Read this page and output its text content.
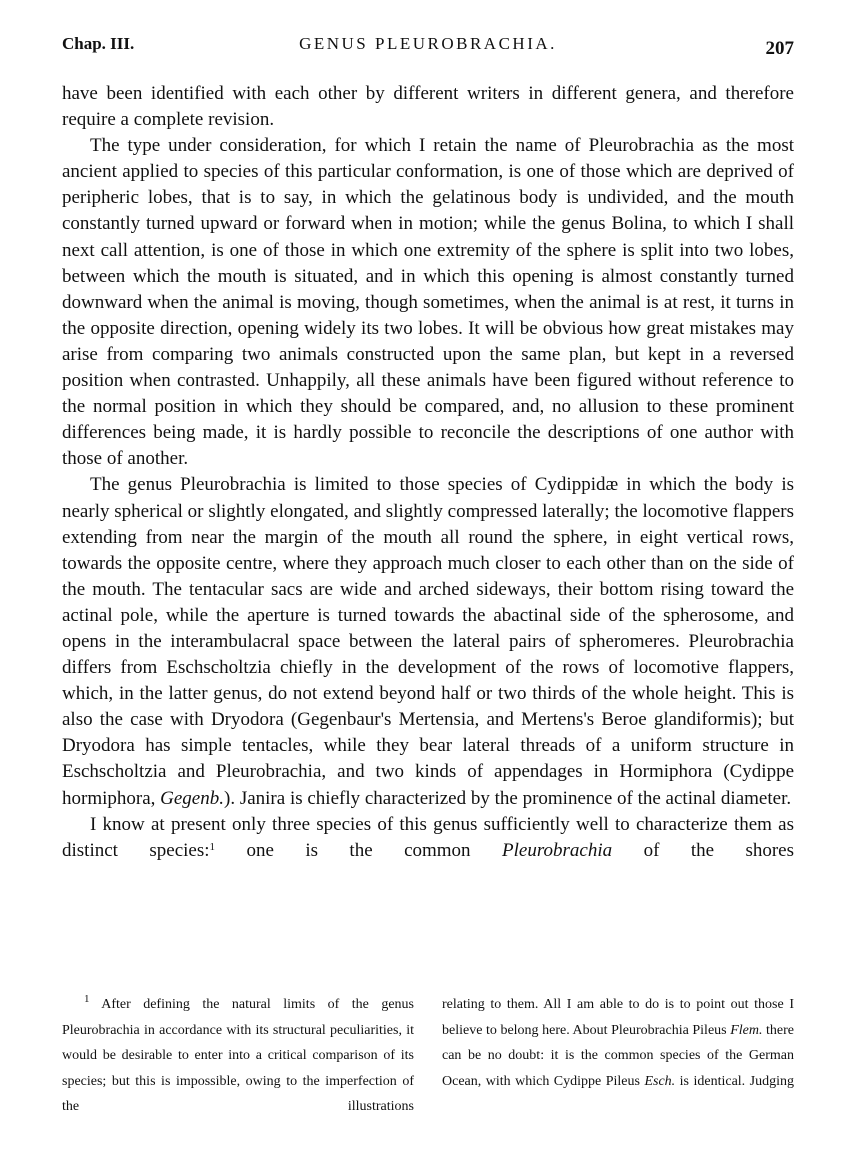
Chap. III.	GENUS PLEUROBRACHIA.	207

have been identified with each other by different writers in different genera, and therefore require a complete revision.

The type under consideration, for which I retain the name of Pleurobrachia as the most ancient applied to species of this particular conformation, is one of those which are deprived of peripheric lobes, that is to say, in which the gelatinous body is undivided, and the mouth constantly turned upward or forward when in motion; while the genus Bolina, to which I shall next call attention, is one of those in which one extremity of the sphere is split into two lobes, between which the mouth is situated, and in which this opening is almost constantly turned downward when the animal is moving, though sometimes, when the animal is at rest, it turns in the opposite direction, opening widely its two lobes. It will be obvious how great mistakes may arise from comparing two animals constructed upon the same plan, but kept in a reversed position when contrasted. Unhappily, all these animals have been figured without reference to the normal position in which they should be compared, and, no allusion to these prominent differences being made, it is hardly possible to reconcile the descriptions of one author with those of another.

The genus Pleurobrachia is limited to those species of Cydippidæ in which the body is nearly spherical or slightly elongated, and slightly compressed laterally; the locomotive flappers extending from near the margin of the mouth all round the sphere, in eight vertical rows, towards the opposite centre, where they approach much closer to each other than on the side of the mouth. The tentacular sacs are wide and arched sideways, their bottom rising toward the actinal pole, while the aperture is turned towards the abactinal side of the spherosome, and opens in the interambulacral space between the lateral pairs of spheromeres. Pleurobrachia differs from Eschscholtzia chiefly in the development of the rows of locomotive flappers, which, in the latter genus, do not extend beyond half or two thirds of the whole height. This is also the case with Dryodora (Gegenbaur's Mertensia, and Mertens's Beroe glandiformis); but Dryodora has simple tentacles, while they bear lateral threads of a uniform structure in Eschscholtzia and Pleurobrachia, and two kinds of appendages in Hormiphora (Cydippe hormiphora, Gegenb.). Janira is chiefly characterized by the prominence of the actinal diameter.

I know at present only three species of this genus sufficiently well to characterize them as distinct species:$^1$ one is the common Pleurobrachia of the shores

$^1$ After defining the natural limits of the genus Pleurobrachia in accordance with its structural peculiarities, it would be desirable to enter into a critical comparison of its species; but this is impossible, owing to the imperfection of the illustrations
relating to them. All I am able to do is to point out those I believe to belong here. About Pleurobrachia Pileus Flem. there can be no doubt: it is the common species of the German Ocean, with which Cydippe Pileus Esch. is identical. Judging
